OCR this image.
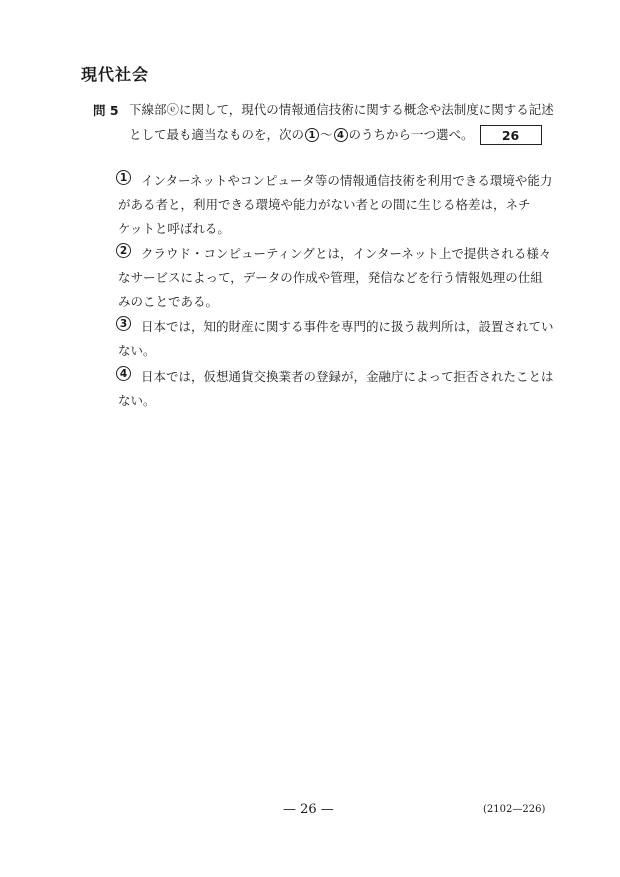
現代社会
問 5 下線部ⓔに関して，現代の情報通信技術に関する概念や法制度に関する記述
として最も適当なものを，次の 1 ～ 4 のうちから一つ選べ。 26
1	インターネットやコンピュータ等の情報通信技術を利用できる環境や能力
がある者と，利用できる環境や能力がない者との間に生じる格差は，ネチ
ケットと呼ばれる。
2	クラウド・コンピューティングとは，インターネット上で提供される様々
なサービスによって，データの作成や管理，発信などを行う情報処理の仕組
みのことである。
3	日本では，知的財産に関する事件を専門的に扱う裁判所は，設置されてい
ない。
4	日本では，仮想通貨交換業者の登録が，金融庁によって拒否されたことは
ない。
— 26 —	(2102—226)
